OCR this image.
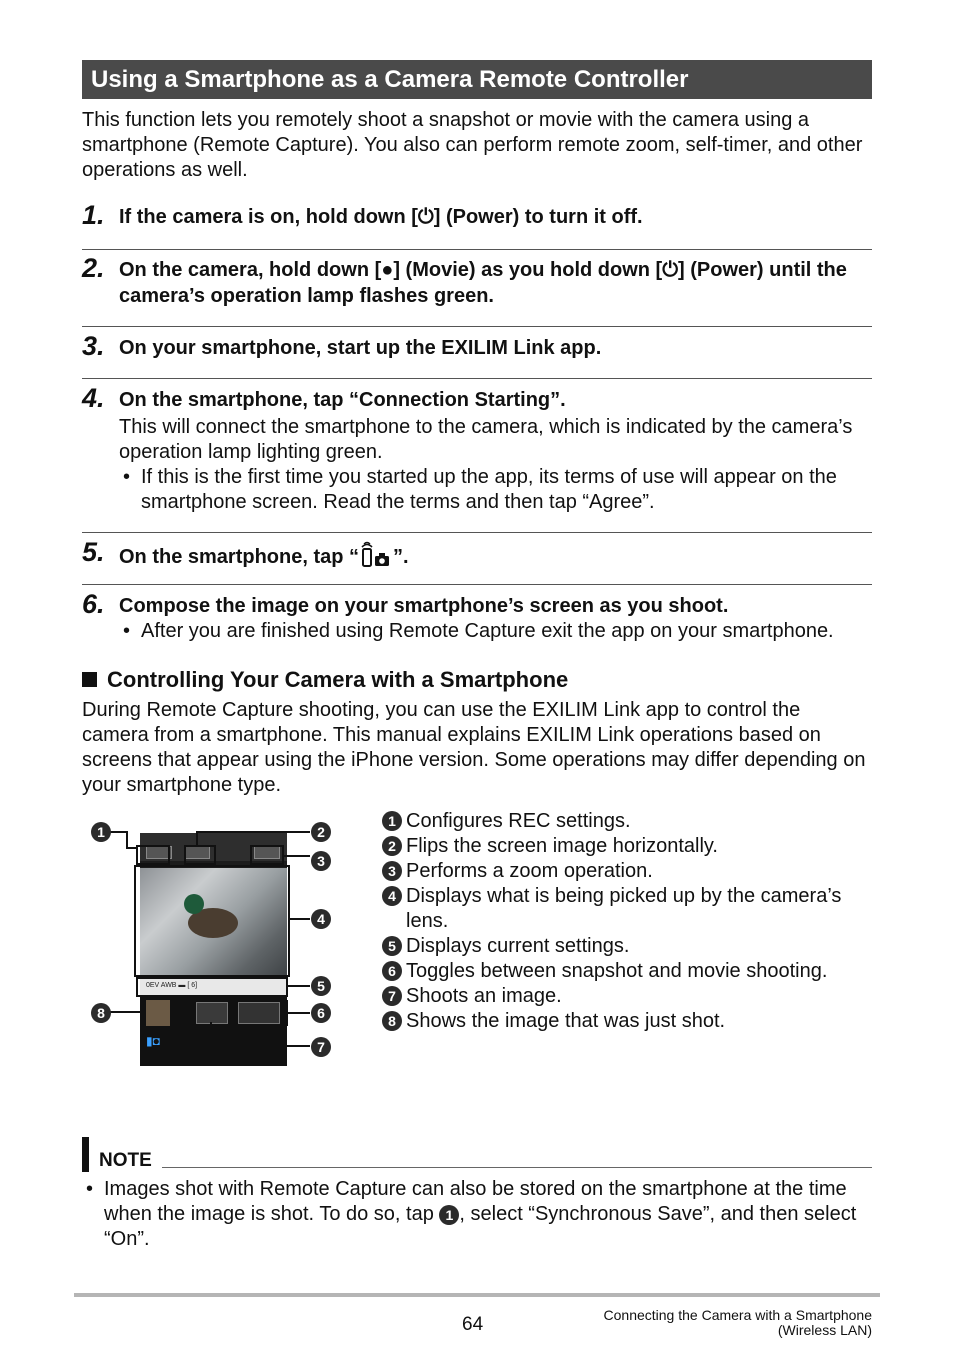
Using a Smartphone as a Camera Remote Controller
This function lets you remotely shoot a snapshot or movie with the camera using a smartphone (Remote Capture). You also can perform remote zoom, self-timer, and other operations as well.
1. If the camera is on, hold down [⏻] (Power) to turn it off.
2. On the camera, hold down [●] (Movie) as you hold down [⏻] (Power) until the camera’s operation lamp flashes green.
3. On your smartphone, start up the EXILIM Link app.
4. On the smartphone, tap “Connection Starting”.
This will connect the smartphone to the camera, which is indicated by the camera’s operation lamp lighting green.
• If this is the first time you started up the app, its terms of use will appear on the smartphone screen. Read the terms and then tap “Agree”.
5. On the smartphone, tap “ ”.
6. Compose the image on your smartphone’s screen as you shoot.
• After you are finished using Remote Capture exit the app on your smartphone.
Controlling Your Camera with a Smartphone
During Remote Capture shooting, you can use the EXILIM Link app to control the camera from a smartphone. This manual explains EXILIM Link operations based on screens that appear using the iPhone version. Some operations may differ depending on your smartphone type.
0EV AWB ▬ [ 6]
▮◘
1	2
3
4
5
6
7
8
1 Configures REC settings.
2 Flips the screen image horizontally.
3 Performs a zoom operation.
4 Displays what is being picked up by the camera’s lens.
5 Displays current settings.
6 Toggles between snapshot and movie shooting.
7 Shoots an image.
8 Shows the image that was just shot.
NOTE
• Images shot with Remote Capture can also be stored on the smartphone at the time when the image is shot. To do so, tap 1 , select “Synchronous Save”, and then select “On”.
64	Connecting the Camera with a Smartphone
(Wireless LAN)
